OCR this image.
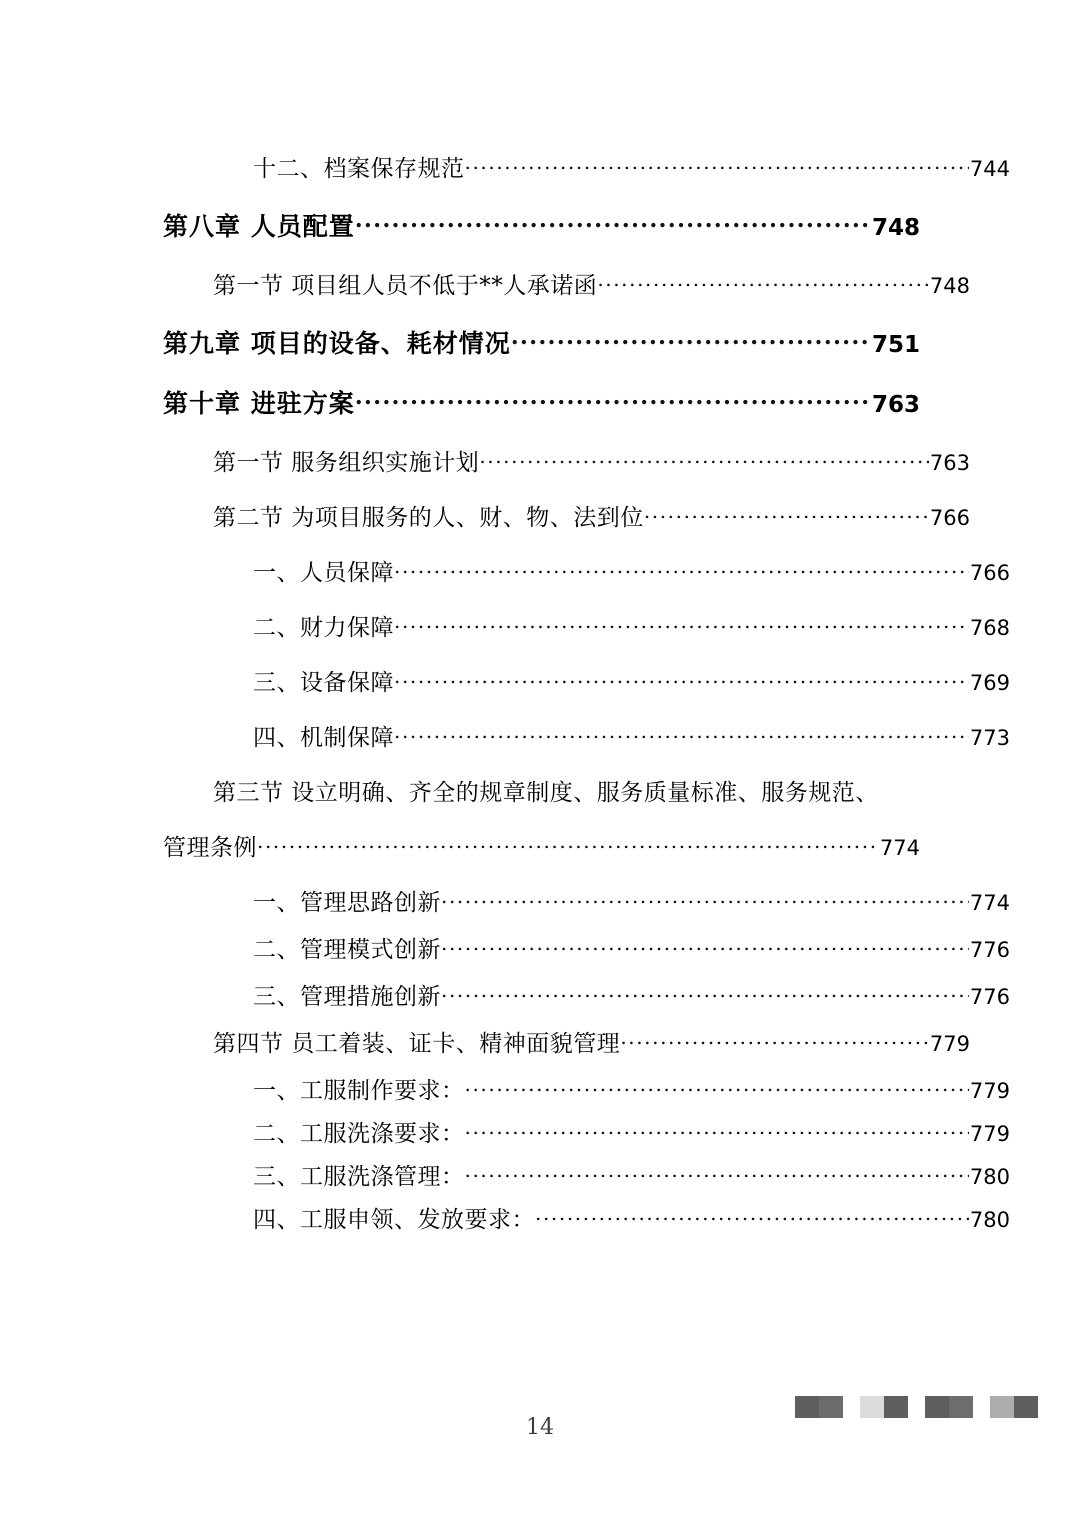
十二、档案保存规范 .....	744
第八章 人员配置 .....	748
第一节 项目组人员不低于**人承诺函 .....	748
第九章 项目的设备、耗材情况 .....	751
第十章 进驻方案 .....	763
第一节 服务组织实施计划 .....	763
第二节 为项目服务的人、财、物、法到位 .....	766
一、人员保障 .....	766
二、财力保障 .....	768
三、设备保障 .....	769
四、机制保障 .....	773
第三节 设立明确、齐全的规章制度、服务质量标准、服务规范、
管理条例 .....	774
一、管理思路创新 .....	774
二、管理模式创新 .....	776
三、管理措施创新 .....	776
第四节 员工着装、证卡、精神面貌管理 .....	779
一、工服制作要求： .....	779
二、工服洗涤要求： .....	779
三、工服洗涤管理： .....	780
四、工服申领、发放要求： .....	780
14
